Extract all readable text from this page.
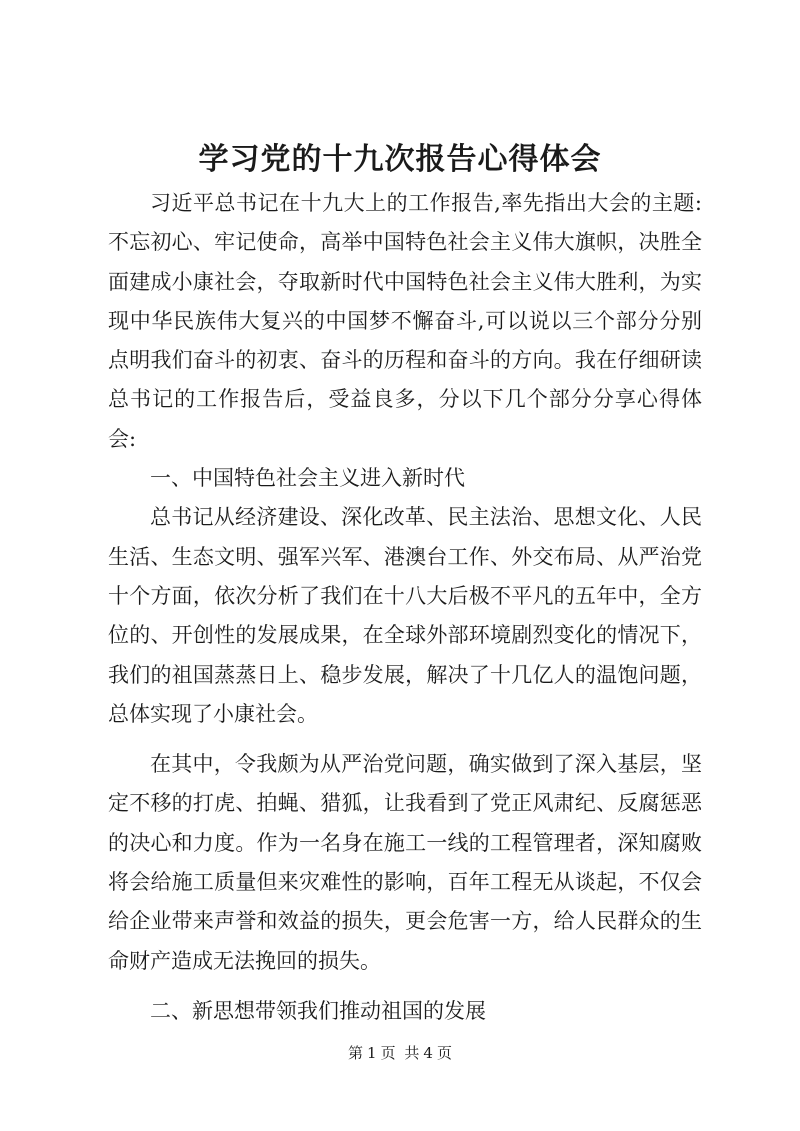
学习党的十九次报告心得体会

习近平总书记在十九大上的工作报告,率先指出大会的主题:不忘初心、牢记使命，高举中国特色社会主义伟大旗帜，决胜全面建成小康社会，夺取新时代中国特色社会主义伟大胜利，为实现中华民族伟大复兴的中国梦不懈奋斗,可以说以三个部分分别点明我们奋斗的初衷、奋斗的历程和奋斗的方向。我在仔细研读总书记的工作报告后，受益良多，分以下几个部分分享心得体会:

一、中国特色社会主义进入新时代

总书记从经济建设、深化改革、民主法治、思想文化、人民生活、生态文明、强军兴军、港澳台工作、外交布局、从严治党十个方面，依次分析了我们在十八大后极不平凡的五年中，全方位的、开创性的发展成果，在全球外部环境剧烈变化的情况下，我们的祖国蒸蒸日上、稳步发展，解决了十几亿人的温饱问题，总体实现了小康社会。

在其中，令我颇为从严治党问题，确实做到了深入基层，坚定不移的打虎、拍蝇、猎狐，让我看到了党正风肃纪、反腐惩恶的决心和力度。作为一名身在施工一线的工程管理者，深知腐败将会给施工质量但来灾难性的影响，百年工程无从谈起，不仅会给企业带来声誉和效益的损失，更会危害一方，给人民群众的生命财产造成无法挽回的损失。

二、新思想带领我们推动祖国的发展

第 1 页 共 4 页
